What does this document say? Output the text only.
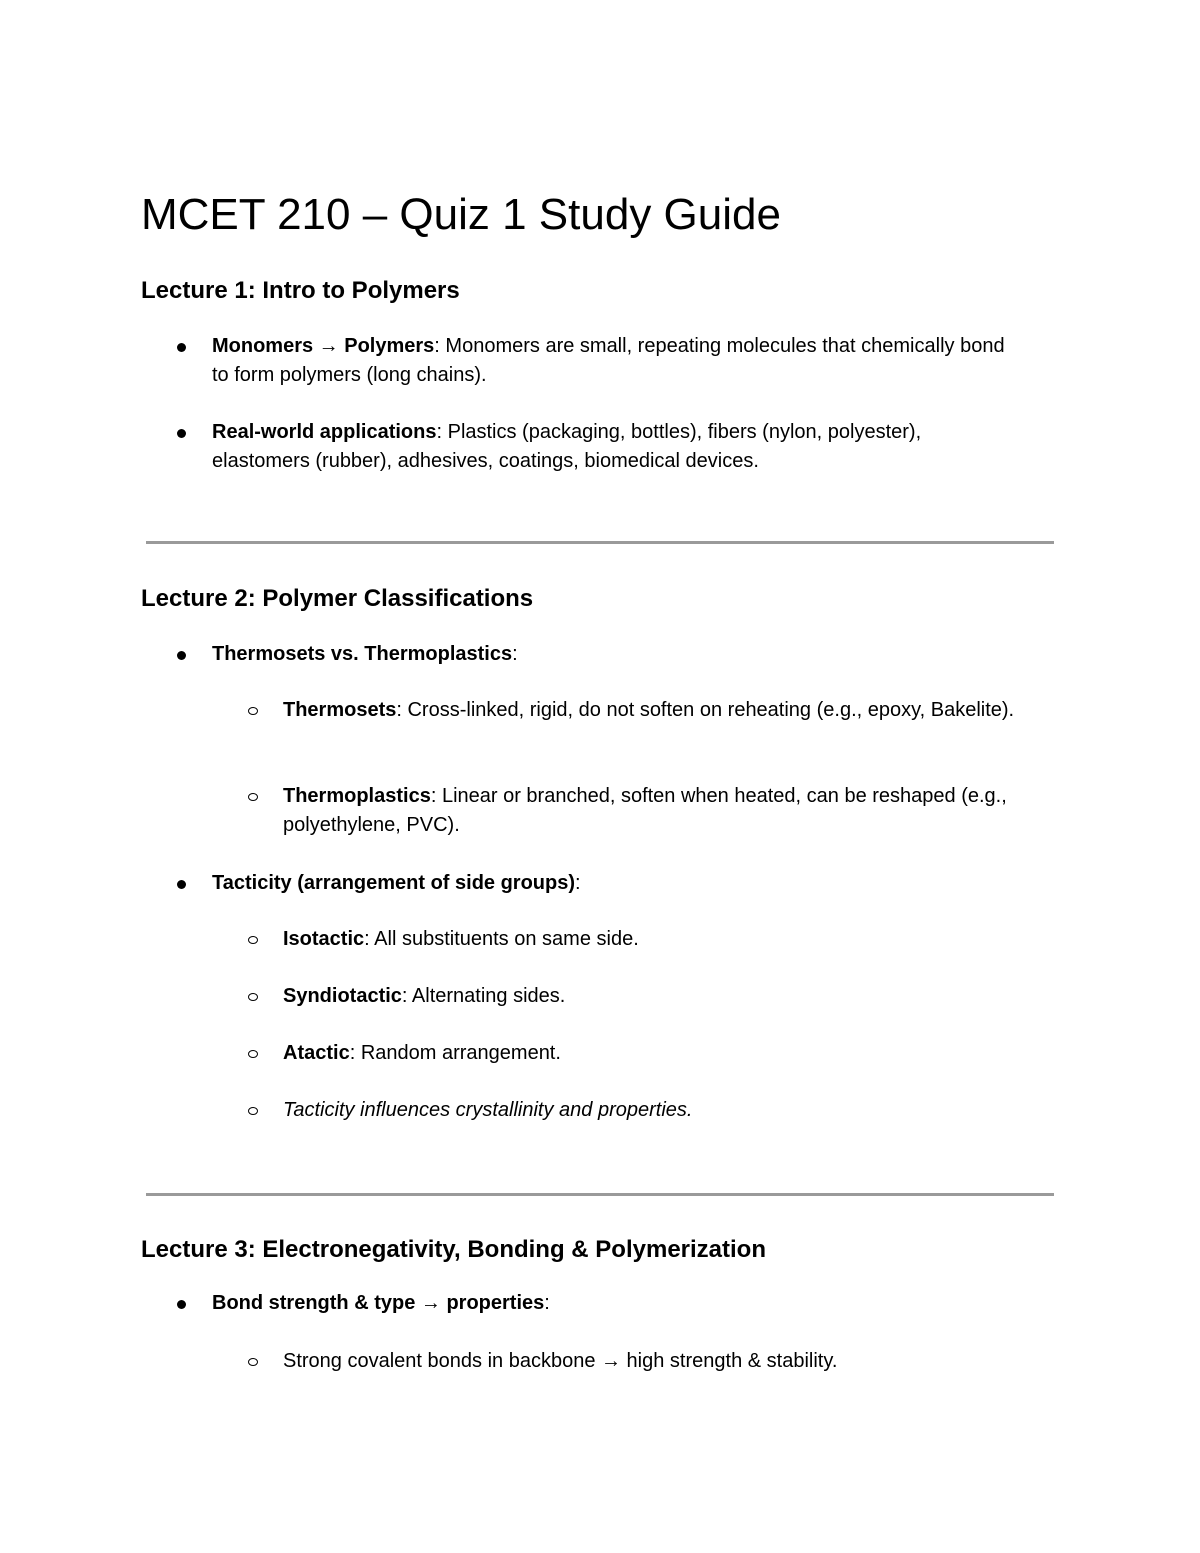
MCET 210 – Quiz 1 Study Guide
Lecture 1: Intro to Polymers
Monomers → Polymers: Monomers are small, repeating molecules that chemically bond to form polymers (long chains).
Real-world applications: Plastics (packaging, bottles), fibers (nylon, polyester), elastomers (rubber), adhesives, coatings, biomedical devices.
Lecture 2: Polymer Classifications
Thermosets vs. Thermoplastics:
Thermosets: Cross-linked, rigid, do not soften on reheating (e.g., epoxy, Bakelite).
Thermoplastics: Linear or branched, soften when heated, can be reshaped (e.g., polyethylene, PVC).
Tacticity (arrangement of side groups):
Isotactic: All substituents on same side.
Syndiotactic: Alternating sides.
Atactic: Random arrangement.
Tacticity influences crystallinity and properties.
Lecture 3: Electronegativity, Bonding & Polymerization
Bond strength & type → properties:
Strong covalent bonds in backbone → high strength & stability.
